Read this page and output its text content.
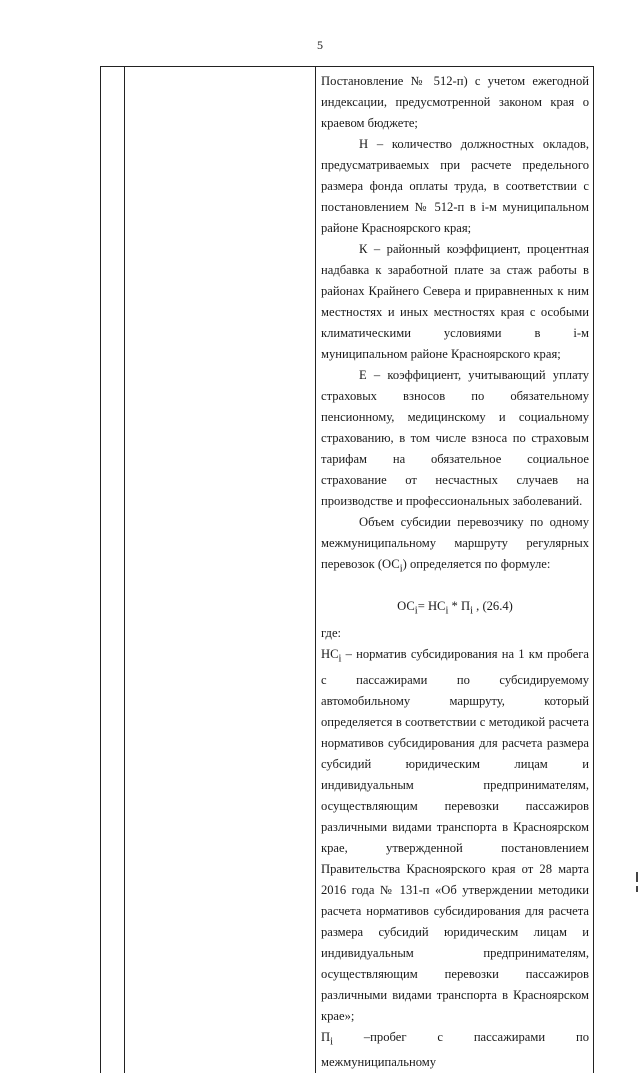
5

Постановление № 512-п) с учетом ежегодной индексации, предусмотренной законом края о краевом бюджете;

Н – количество должностных окладов, предусматриваемых при расчете предельного размера фонда оплаты труда, в соответствии с постановлением № 512-п в i-м муниципальном районе Красноярского края;

К – районный коэффициент, процентная надбавка к заработной плате за стаж работы в районах Крайнего Севера и приравненных к ним местностях и иных местностях края с особыми климатическими условиями в i-м муниципальном районе Красноярского края;

Е – коэффициент, учитывающий уплату страховых взносов по обязательному пенсионному, медицинскому и социальному страхованию, в том числе взноса по страховым тарифам на обязательное социальное страхование от несчастных случаев на производстве и профессиональных заболеваний.

Объем субсидии перевозчику по одному межмуниципальному маршруту регулярных перевозок $(ОС_i)$ определяется по формуле:

$ОС_i= НС_i * П_i$ , (26.4)

где:

$НС_i$ – норматив субсидирования на 1 км пробега с пассажирами по субсидируемому автомобильному маршруту, который определяется в соответствии с методикой расчета нормативов субсидирования для расчета размера субсидий юридическим лицам и индивидуальным предпринимателям, осуществляющим перевозки пассажиров различными видами транспорта в Красноярском крае, утвержденной постановлением Правительства Красноярского края от 28 марта 2016 года № 131-п «Об утверждении методики расчета нормативов субсидирования для расчета размера субсидий юридическим лицам и индивидуальным предпринимателям, осуществляющим перевозки пассажиров различными видами транспорта в Красноярском крае»;

$П_i$ –пробег с пассажирами по межмуниципальному
